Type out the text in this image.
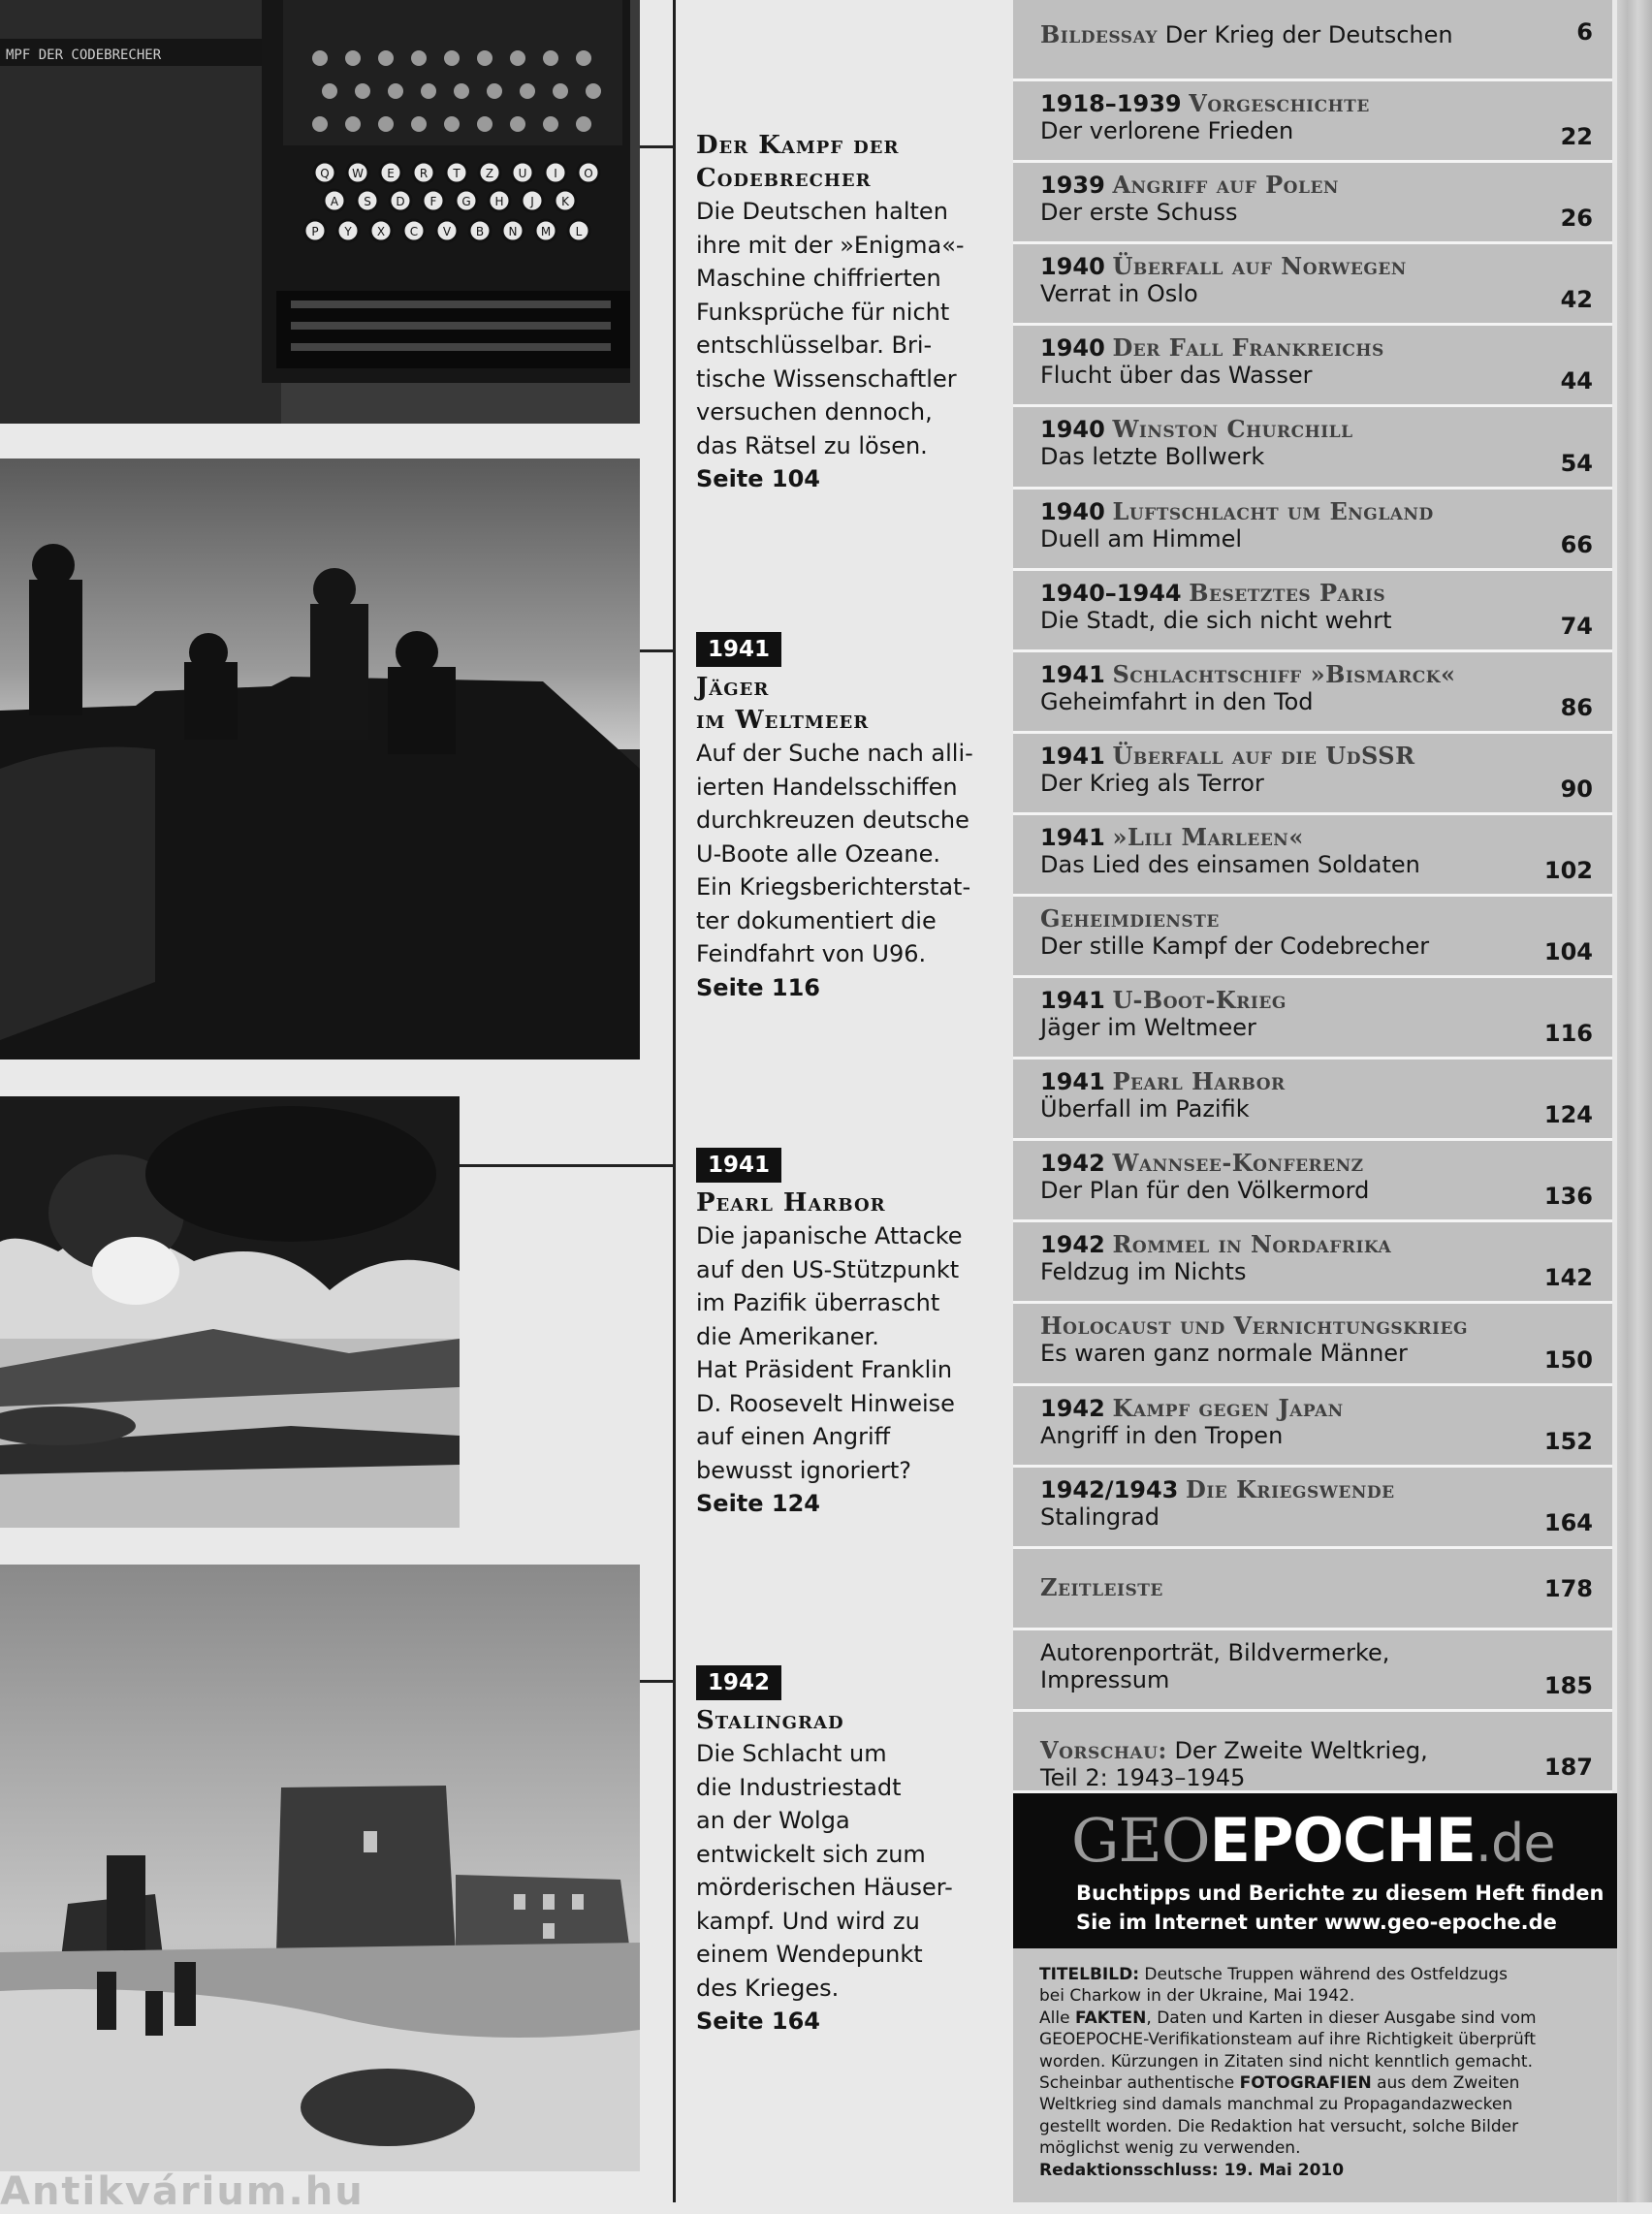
MPF DER CODEBRECHER
Q W E R T Z U I O
A S D F G H J K
P Y X C V B N M L
Der Kampf der Codebrecher
Die Deutschen halten
ihre mit der »Enigma«-
Maschine chiffrierten
Funksprüche für nicht
entschlüsselbar. Bri-
tische Wissenschaftler
versuchen dennoch,
das Rätsel zu lösen.
Seite 104
1941
Jäger
im Weltmeer
Auf der Suche nach alli-
ierten Handelsschiffen
durchkreuzen deutsche
U-Boote alle Ozeane.
Ein Kriegsberichterstat-
ter dokumentiert die
Feindfahrt von U96.
Seite 116
1941
Pearl Harbor
Die japanische Attacke
auf den US-Stützpunkt
im Pazifik überrascht
die Amerikaner.
Hat Präsident Franklin
D. Roosevelt Hinweise
auf einen Angriff
bewusst ignoriert?
Seite 124
1942
Stalingrad
Die Schlacht um
die Industriestadt
an der Wolga
entwickelt sich zum
mörderischen Häuser-
kampf. Und wird zu
einem Wendepunkt
des Krieges.
Seite 164
Bildessay Der Krieg der Deutschen	6
1918–1939 Vorgeschichte
Der verlorene Frieden	22
1939 Angriff auf Polen
Der erste Schuss	26
1940 Überfall auf Norwegen
Verrat in Oslo	42
1940 Der Fall Frankreichs
Flucht über das Wasser	44
1940 Winston Churchill
Das letzte Bollwerk	54
1940 Luftschlacht um England
Duell am Himmel	66
1940–1944 Besetztes Paris
Die Stadt, die sich nicht wehrt	74
1941 Schlachtschiff »Bismarck«
Geheimfahrt in den Tod	86
1941 Überfall auf die UdSSR
Der Krieg als Terror	90
1941 »Lili Marleen«
Das Lied des einsamen Soldaten	102
Geheimdienste
Der stille Kampf der Codebrecher	104
1941 U-Boot-Krieg
Jäger im Weltmeer	116
1941 Pearl Harbor
Überfall im Pazifik	124
1942 Wannsee-Konferenz
Der Plan für den Völkermord	136
1942 Rommel in Nordafrika
Feldzug im Nichts	142
Holocaust und Vernichtungskrieg
Es waren ganz normale Männer	150
1942 Kampf gegen Japan
Angriff in den Tropen	152
1942/1943 Die Kriegswende
Stalingrad	164
Zeitleiste	178
Autorenporträt, Bildvermerke,
Impressum	185
Vorschau: Der Zweite Weltkrieg,
Teil 2: 1943–1945	187
GEOEPOCHE.de
Buchtipps und Berichte zu diesem Heft finden
Sie im Internet unter www.geo-epoche.de
TITELBILD: Deutsche Truppen während des Ostfeldzugs
bei Charkow in der Ukraine, Mai 1942.
Alle FAKTEN, Daten und Karten in dieser Ausgabe sind vom
GEOEPOCHE-Verifikationsteam auf ihre Richtigkeit überprüft
worden. Kürzungen in Zitaten sind nicht kenntlich gemacht.
Scheinbar authentische FOTOGRAFIEN aus dem Zweiten
Weltkrieg sind damals manchmal zu Propagandazwecken
gestellt worden. Die Redaktion hat versucht, solche Bilder
möglichst wenig zu verwenden.
Redaktionsschluss: 19. Mai 2010
Antikvárium.hu
